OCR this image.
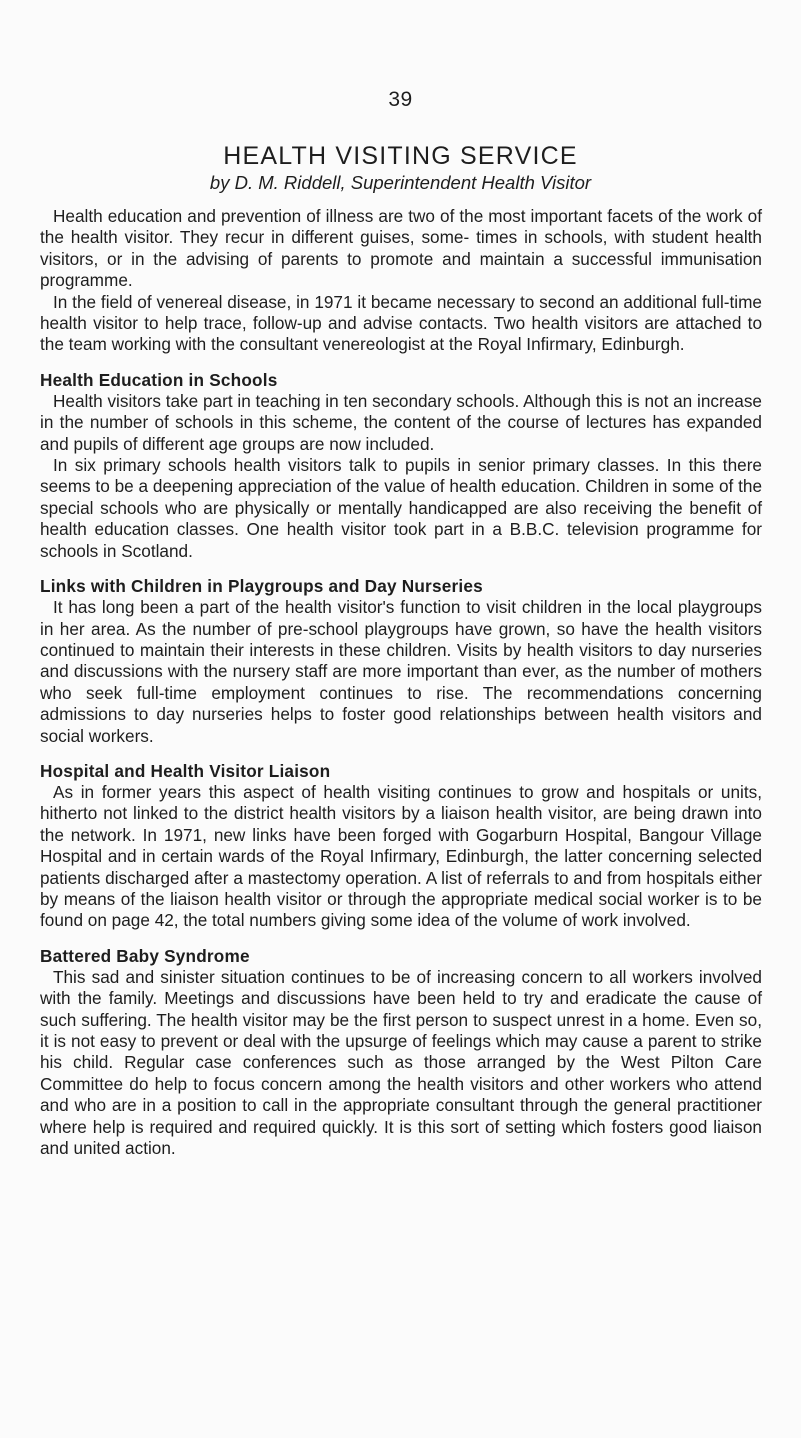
39
HEALTH VISITING SERVICE
by D. M. Riddell, Superintendent Health Visitor

Health education and prevention of illness are two of the most important facets of the work of the health visitor. They recur in different guises, some- times in schools, with student health visitors, or in the advising of parents to promote and maintain a successful immunisation programme.

In the field of venereal disease, in 1971 it became necessary to second an additional full-time health visitor to help trace, follow-up and advise contacts. Two health visitors are attached to the team working with the consultant venereologist at the Royal Infirmary, Edinburgh.

Health Education in Schools

Health visitors take part in teaching in ten secondary schools. Although this is not an increase in the number of schools in this scheme, the content of the course of lectures has expanded and pupils of different age groups are now included.

In six primary schools health visitors talk to pupils in senior primary classes. In this there seems to be a deepening appreciation of the value of health education. Children in some of the special schools who are physically or mentally handicapped are also receiving the benefit of health education classes. One health visitor took part in a B.B.C. television programme for schools in Scotland.

Links with Children in Playgroups and Day Nurseries

It has long been a part of the health visitor's function to visit children in the local playgroups in her area. As the number of pre-school playgroups have grown, so have the health visitors continued to maintain their interests in these children. Visits by health visitors to day nurseries and discussions with the nursery staff are more important than ever, as the number of mothers who seek full-time employment continues to rise. The recommendations concerning admissions to day nurseries helps to foster good relationships between health visitors and social workers.

Hospital and Health Visitor Liaison

As in former years this aspect of health visiting continues to grow and hospitals or units, hitherto not linked to the district health visitors by a liaison health visitor, are being drawn into the network. In 1971, new links have been forged with Gogarburn Hospital, Bangour Village Hospital and in certain wards of the Royal Infirmary, Edinburgh, the latter concerning selected patients discharged after a mastectomy operation. A list of referrals to and from hospitals either by means of the liaison health visitor or through the appropriate medical social worker is to be found on page 42, the total numbers giving some idea of the volume of work involved.

Battered Baby Syndrome

This sad and sinister situation continues to be of increasing concern to all workers involved with the family. Meetings and discussions have been held to try and eradicate the cause of such suffering. The health visitor may be the first person to suspect unrest in a home. Even so, it is not easy to prevent or deal with the upsurge of feelings which may cause a parent to strike his child. Regular case conferences such as those arranged by the West Pilton Care Committee do help to focus concern among the health visitors and other workers who attend and who are in a position to call in the appropriate consultant through the general practitioner where help is required and required quickly. It is this sort of setting which fosters good liaison and united action.
